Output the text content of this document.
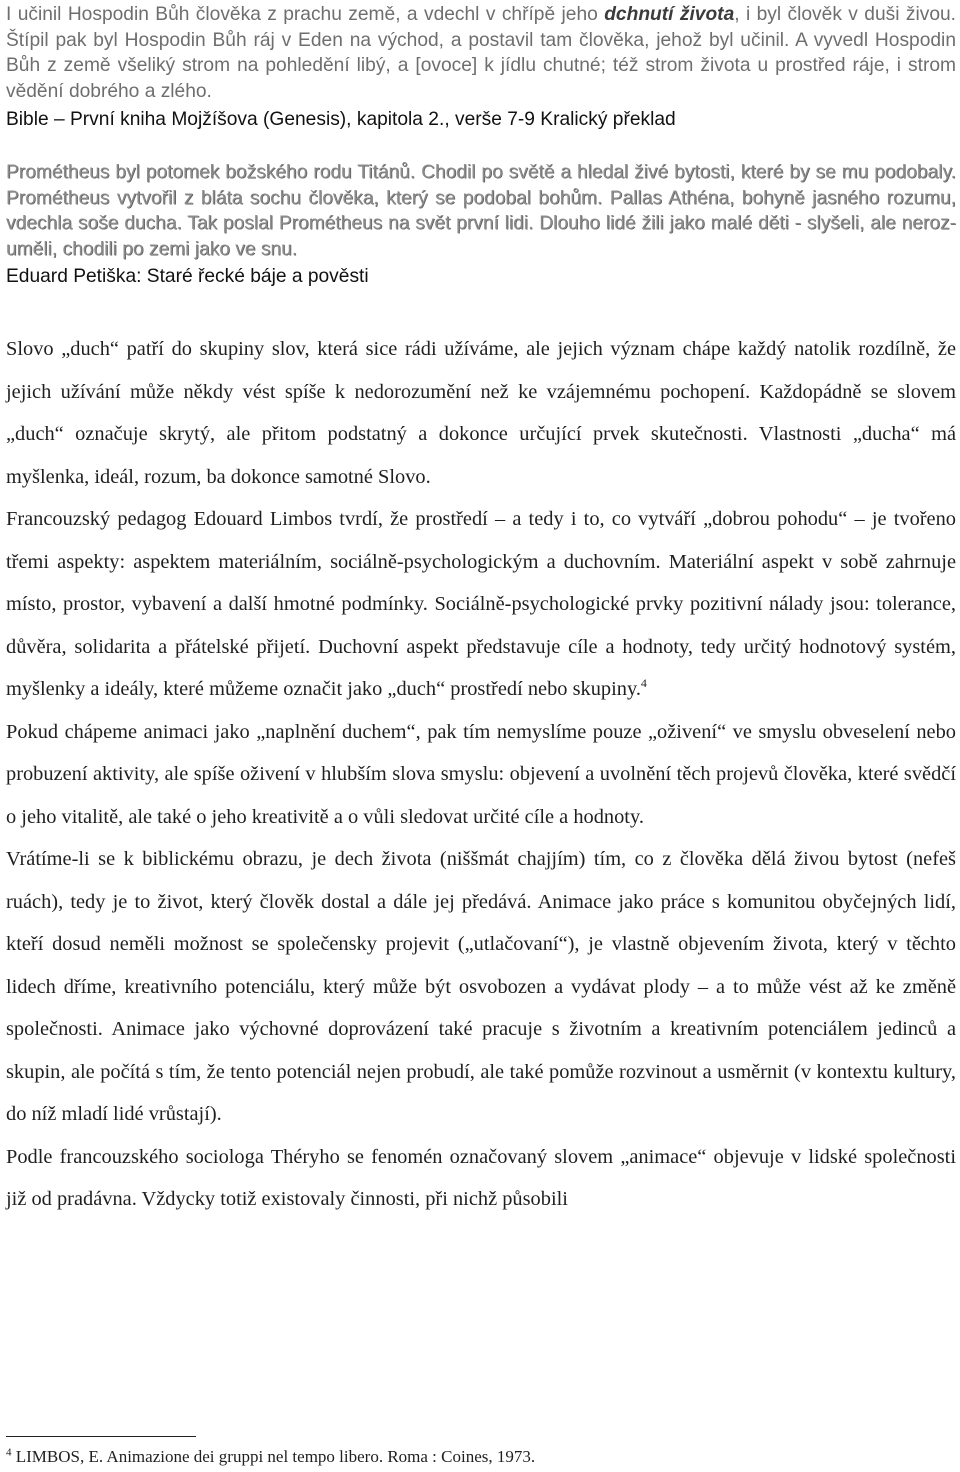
I učinil Hospodin Bůh člověka z prachu země, a vdechl v chřípě jeho dchnutí života, i byl člověk v duši živou. Štípil pak byl Hospodin Bůh ráj v Eden na východ, a postavil tam člověka, jehož byl učinil. A vyvedl Hospodin Bůh z země všeliký strom na pohledění libý, a [ovoce] k jídlu chutné; též strom života u prostřed ráje, i strom vědění dobrého a zlého.

Bible – První kniha Mojžíšova (Genesis), kapitola 2., verše 7-9 Kralický překlad

Prométheus byl potomek božského rodu Titánů. Chodil po světě a hledal živé bytosti, které by se mu podobaly. Prométheus vytvořil z bláta sochu člověka, který se podobal bohům. Pallas Athéna, bohyně jasného rozumu, vdechla soše ducha. Tak poslal Prométheus na svět první lidi. Dlouho lidé žili jako malé děti - slyšeli, ale neroz-uměli, chodili po zemi jako ve snu.

Eduard Petiška: Staré řecké báje a pověsti

Slovo „duch“ patří do skupiny slov, která sice rádi užíváme, ale jejich význam chápe každý natolik rozdílně, že jejich užívání může někdy vést spíše k nedorozumění než ke vzájemnému pochopení. Každopádně se slovem „duch“ označuje skrytý, ale přitom podstatný a dokonce určující prvek skutečnosti. Vlastnosti „ducha“ má myšlenka, ideál, rozum, ba dokonce samotné Slovo.

Francouzský pedagog Edouard Limbos tvrdí, že prostředí – a tedy i to, co vytváří „dobrou pohodu“ – je tvořeno třemi aspekty: aspektem materiálním, sociálně-psychologickým a duchovním. Materiální aspekt v sobě zahrnuje místo, prostor, vybavení a další hmotné podmínky. Sociálně-psychologické prvky pozitivní nálady jsou: tolerance, důvěra, solidarita a přátelské přijetí. Duchovní aspekt představuje cíle a hodnoty, tedy určitý hodnotový systém, myšlenky a ideály, které můžeme označit jako „duch“ prostředí nebo skupiny.$^4$

Pokud chápeme animaci jako „naplnění duchem“, pak tím nemyslíme pouze „oživení“ ve smyslu obveselení nebo probuzení aktivity, ale spíše oživení v hlubším slova smyslu: objevení a uvolnění těch projevů člověka, které svědčí o jeho vitalitě, ale také o jeho kreativitě a o vůli sledovat určité cíle a hodnoty.

Vrátíme-li se k biblickému obrazu, je dech života (niššmát chajjím) tím, co z člověka dělá živou bytost (nefeš ruách), tedy je to život, který člověk dostal a dále jej předává. Animace jako práce s komunitou obyčejných lidí, kteří dosud neměli možnost se společensky projevit („utlačovaní“), je vlastně objevením života, který v těchto lidech dříme, kreativního potenciálu, který může být osvobozen a vydávat plody – a to může vést až ke změně společnosti. Animace jako výchovné doprovázení také pracuje s životním a kreativním potenciálem jedinců a skupin, ale počítá s tím, že tento potenciál nejen probudí, ale také pomůže rozvinout a usměrnit (v kontextu kultury, do níž mladí lidé vrůstají).

Podle francouzského sociologa Théryho se fenomén označovaný slovem „animace“ objevuje v lidské společnosti již od pradávna. Vždycky totiž existovaly činnosti, při nichž působili

$^4$ LIMBOS, E. Animazione dei gruppi nel tempo libero. Roma : Coines, 1973.
